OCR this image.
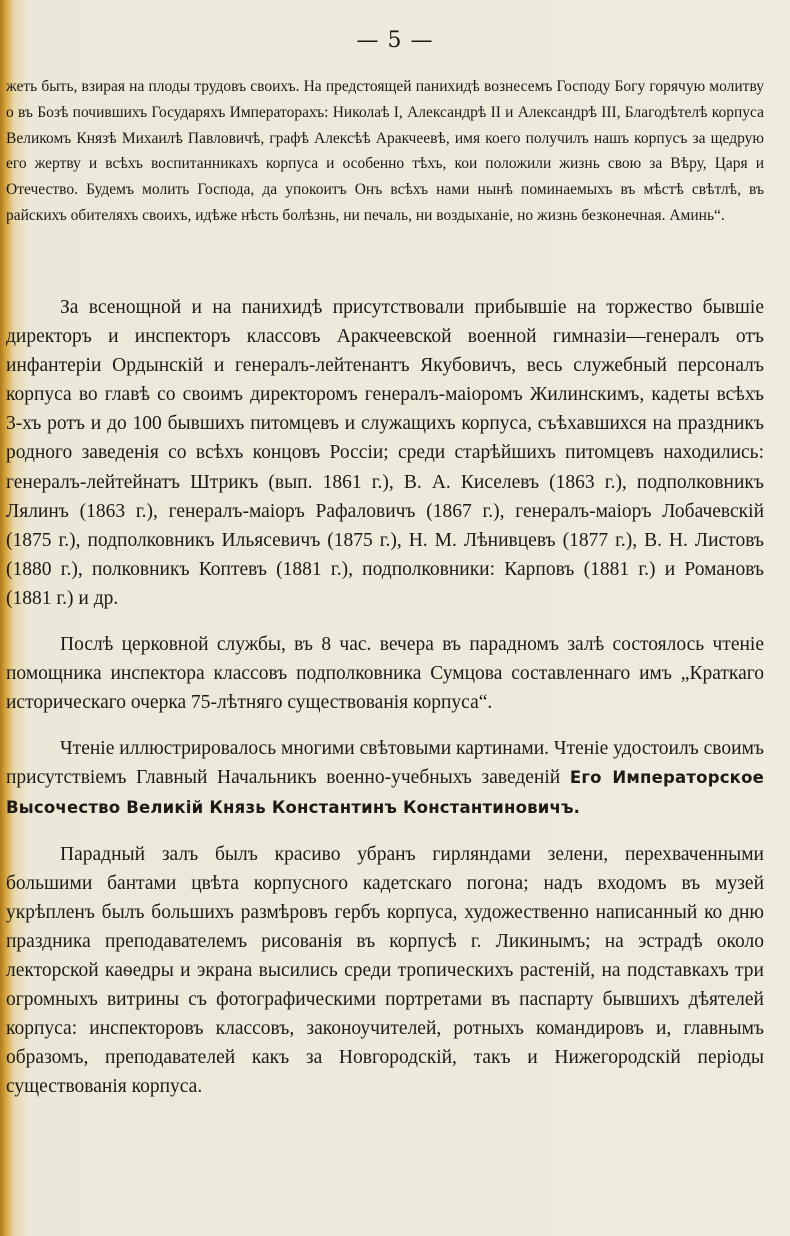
— 5 —
жеть быть, взирая на плоды трудовъ своихъ. На предстоящей панихидѣ вознесемъ Господу Богу горячую молитву о въ Бозѣ почившихъ Государяхъ Императорахъ: Николаѣ I, Александрѣ II и Александрѣ III, Благодѣтелѣ корпуса Великомъ Князѣ Михаилѣ Павловичѣ, графѣ Алексѣѣ Аракчеевѣ, имя коего получилъ нашъ корпусъ за щедрую его жертву и всѣхъ воспитанникахъ корпуса и особенно тѣхъ, кои положили жизнь свою за Вѣру, Царя и Отечество. Будемъ молить Господа, да упокоитъ Онъ всѣхъ нами нынѣ поминаемыхъ въ мѣстѣ свѣтлѣ, въ райскихъ обителяхъ своихъ, идѣже нѣсть болѣзнь, ни печаль, ни воздыханіе, но жизнь безконечная. Аминь“.

За всенощной и на панихидѣ присутствовали прибывшіе на торжество бывшіе директоръ и инспекторъ классовъ Аракчеевской военной гимназіи—генералъ отъ инфантеріи Ордынскій и генералъ-лейтенантъ Якубовичъ, весь служебный персоналъ корпуса во главѣ со своимъ директоромъ генералъ-маіоромъ Жилинскимъ, кадеты всѣхъ 3-хъ ротъ и до 100 бывшихъ питомцевъ и служащихъ корпуса, съѣхавшихся на праздникъ родного заведенія со всѣхъ концовъ Россіи; среди старѣйшихъ питомцевъ находились: генералъ-лейтейнатъ Штрикъ (вып. 1861 г.), В. А. Киселевъ (1863 г.), подполковникъ Лялинъ (1863 г.), генералъ-маіоръ Рафаловичъ (1867 г.), генералъ-маіоръ Лобачевскій (1875 г.), подполковникъ Ильясевичъ (1875 г.), Н. М. Лѣнивцевъ (1877 г.), В. Н. Листовъ (1880 г.), полковникъ Коптевъ (1881 г.), подполковники: Карповъ (1881 г.) и Романовъ (1881 г.) и др.

Послѣ церковной службы, въ 8 час. вечера въ парадномъ залѣ состоялось чтеніе помощника инспектора классовъ подполковника Сумцова составленнаго имъ „Краткаго историческаго очерка 75-лѣтняго существованія корпуса“.

Чтеніе иллюстрировалось многими свѣтовыми картинами. Чтеніе удостоилъ своимъ присутствіемъ Главный Начальникъ военно-учебныхъ заведеній Его Императорское Высочество Великій Князь Константинъ Константиновичъ.

Парадный залъ былъ красиво убранъ гирляндами зелени, перехваченными большими бантами цвѣта корпусного кадетскаго погона; надъ входомъ въ музей укрѣпленъ былъ большихъ размѣровъ гербъ корпуса, художественно написанный ко дню праздника преподавателемъ рисованія въ корпусѣ г. Ликинымъ; на эстрадѣ около лекторской каѳедры и экрана высились среди тропическихъ растеній, на подставкахъ три огромныхъ витрины съ фотографическими портретами въ паспарту бывшихъ дѣятелей корпуса: инспекторовъ классовъ, законоучителей, ротныхъ командировъ и, главнымъ образомъ, преподавателей какъ за Новгородскій, такъ и Нижегородскій періоды существованія корпуса.
